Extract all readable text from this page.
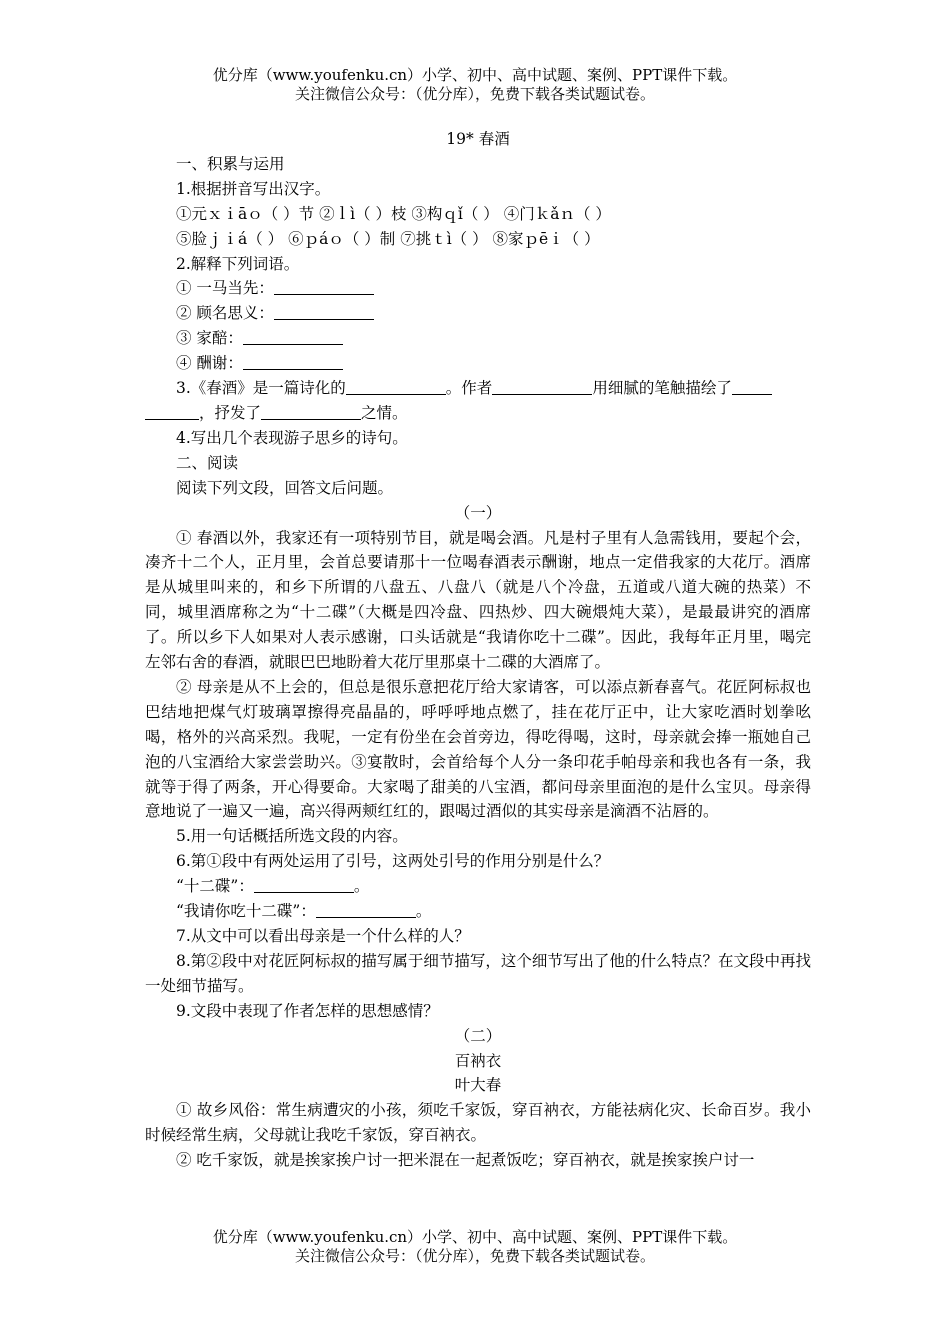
优分库（www.youfenku.cn）小学、初中、高中试题、案例、PPT课件下载。
关注微信公众号：（优分库），免费下载各类试题试卷。

19* 春酒

一、积累与运用

1.根据拼音写出汉字。

①元ｘｉāｏ（ ）节 ②ｌì（ ）枝 ③构ｑǐ（ ） ④门ｋǎｎ（ ）

⑤脸ｊｉá（ ） ⑥ｐáｏ（ ）制 ⑦挑ｔì（ ） ⑧家ｐēｉ（ ）

2.解释下列词语。

① 一马当先：

② 顾名思义：

③ 家醅：

④ 酬谢：

3.《春酒》是一篇诗化的	。作者	用细腻的笔触描绘了

，抒发了	之情。

4.写出几个表现游子思乡的诗句。

二、阅读

阅读下列文段，回答文后问题。

（一）

① 春酒以外，我家还有一项特别节目，就是喝会酒。凡是村子里有人急需钱用，要起个会，凑齐十二个人，正月里，会首总要请那十一位喝春酒表示酬谢，地点一定借我家的大花厅。酒席是从城里叫来的，和乡下所谓的八盘五、八盘八（就是八个冷盘，五道或八道大碗的热菜）不同，城里酒席称之为“十二碟”（大概是四冷盘、四热炒、四大碗煨炖大菜），是最最讲究的酒席了。所以乡下人如果对人表示感谢，口头话就是“我请你吃十二碟”。因此，我每年正月里，喝完左邻右舍的春酒，就眼巴巴地盼着大花厅里那桌十二碟的大酒席了。

② 母亲是从不上会的，但总是很乐意把花厅给大家请客，可以添点新春喜气。花匠阿标叔也巴结地把煤气灯玻璃罩擦得亮晶晶的，呼呼呼地点燃了，挂在花厅正中，让大家吃酒时划拳吆喝，格外的兴高采烈。我呢，一定有份坐在会首旁边，得吃得喝，这时，母亲就会捧一瓶她自己泡的八宝酒给大家尝尝助兴。③宴散时，会首给每个人分一条印花手帕母亲和我也各有一条，我就等于得了两条，开心得要命。大家喝了甜美的八宝酒，都问母亲里面泡的是什么宝贝。母亲得意地说了一遍又一遍，高兴得两颊红红的，跟喝过酒似的其实母亲是滴酒不沾唇的。

5.用一句话概括所选文段的内容。

6.第①段中有两处运用了引号，这两处引号的作用分别是什么？

“十二碟”：	。

“我请你吃十二碟”：	。

7.从文中可以看出母亲是一个什么样的人？

8.第②段中对花匠阿标叔的描写属于细节描写，这个细节写出了他的什么特点？在文段中再找一处细节描写。

9.文段中表现了作者怎样的思想感情？

（二）

百衲衣

叶大春

① 故乡风俗：常生病遭灾的小孩，须吃千家饭，穿百衲衣，方能祛病化灾、长命百岁。我小时候经常生病，父母就让我吃千家饭，穿百衲衣。

② 吃千家饭，就是挨家挨户讨一把米混在一起煮饭吃；穿百衲衣，就是挨家挨户讨一

优分库（www.youfenku.cn）小学、初中、高中试题、案例、PPT课件下载。
关注微信公众号：（优分库），免费下载各类试题试卷。
